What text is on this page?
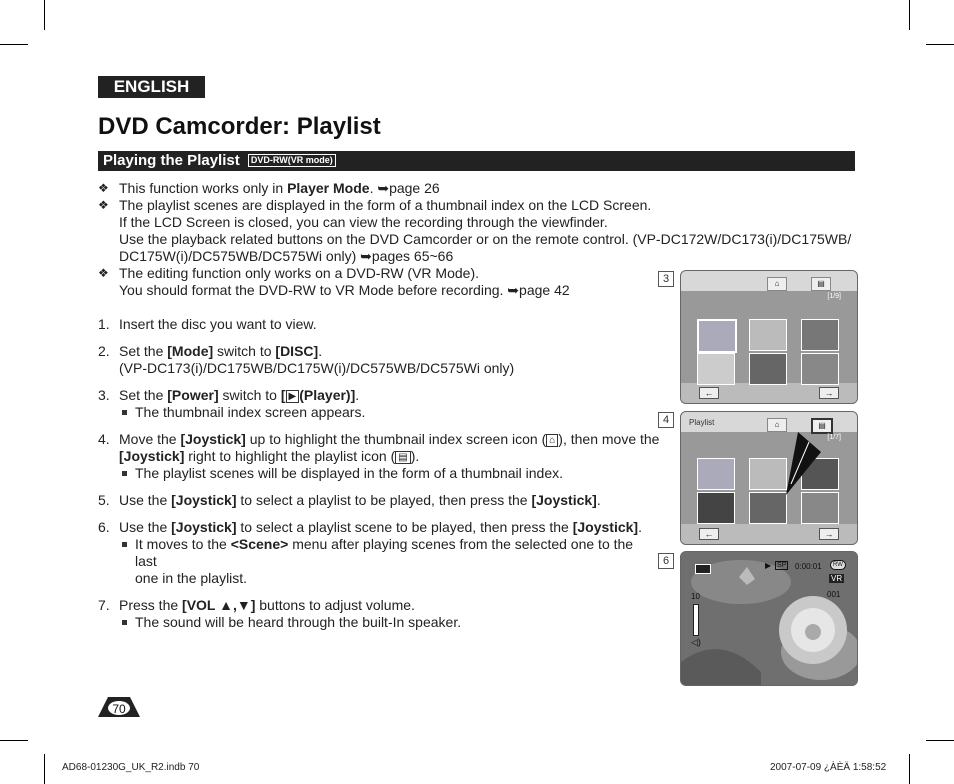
ENGLISH
DVD Camcorder: Playlist
Playing the Playlist DVD-RW(VR mode)
❖ This function works only in Player Mode. ➥page 26
❖ The playlist scenes are displayed in the form of a thumbnail index on the LCD Screen.
If the LCD Screen is closed, you can view the recording through the viewfinder.
Use the playback related buttons on the DVD Camcorder or on the remote control. (VP-DC172W/DC173(i)/DC175WB/
DC175W(i)/DC575WB/DC575Wi only) ➥pages 65~66
❖ The editing function only works on a DVD-RW (VR Mode).
You should format the DVD-RW to VR Mode before recording. ➥page 42
1. Insert the disc you want to view.
2. Set the [Mode] switch to [DISC].
(VP-DC173(i)/DC175WB/DC175W(i)/DC575WB/DC575Wi only)
3. Set the [Power] switch to [ ▶ (Player)].
The thumbnail index screen appears.
4. Move the [Joystick] up to highlight the thumbnail index screen icon ( ⌂ ), then move the
[Joystick] right to highlight the playlist icon ( ▤ ).
The playlist scenes will be displayed in the form of a thumbnail index.
5. Use the [Joystick] to select a playlist to be played, then press the [Joystick].
6. Use the [Joystick] to select a playlist scene to be played, then press the [Joystick].
It moves to the <Scene> menu after playing scenes from the selected one to the last
one in the playlist.
7. Press the [VOL ▲,▼] buttons to adjust volume.
The sound will be heard through the built-In speaker.
3	⌂	▤
[1/9]
←	→
4	Playlist	⌂	▤
[1/7]
←	→
6	▶ SP 0:00:01	RW
VR
001
10
◁)
70
AD68-01230G_UK_R2.indb 70	2007-07-09 ¿ÀÈÄ 1:58:52
